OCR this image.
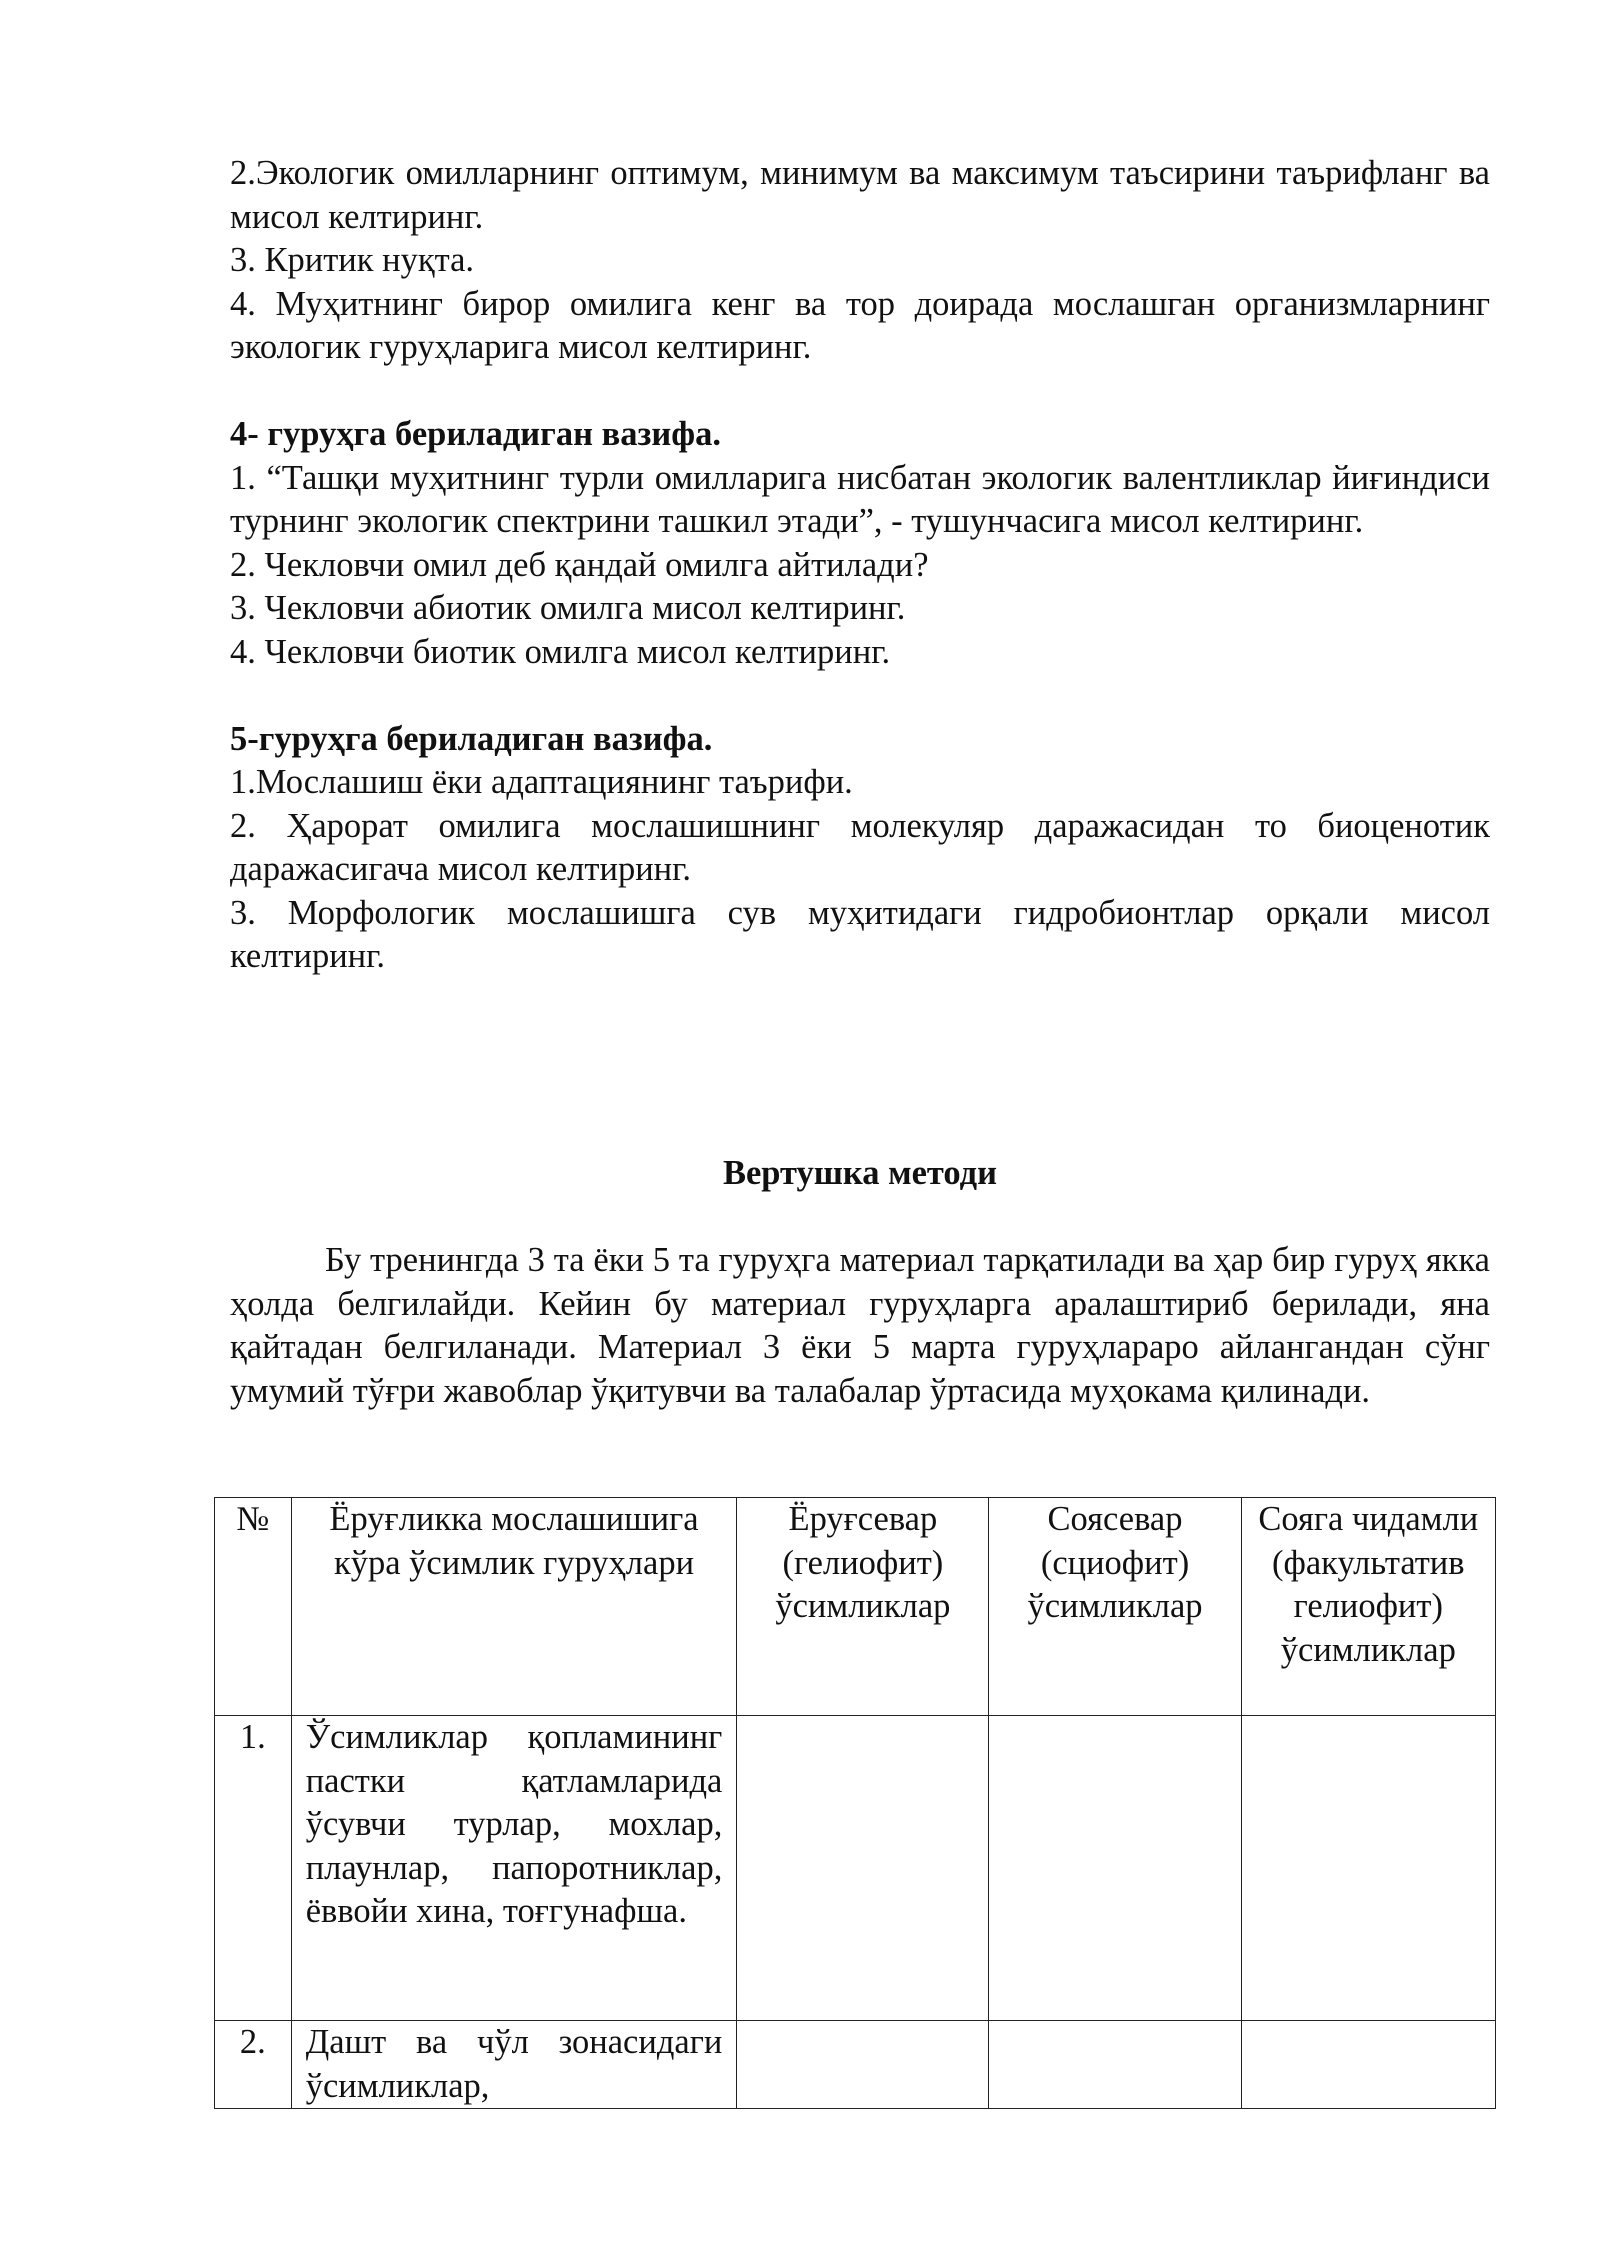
2.Экологик омилларнинг оптимум, минимум ва максимум таъсирини таърифланг ва мисол келтиринг.

3. Критик нуқта.

4. Муҳитнинг бирор омилига кенг ва тор доирада мослашган организмларнинг экологик гуруҳларига мисол келтиринг.

4- гуруҳга бериладиган вазифа.

1. “Ташқи муҳитнинг турли омилларига нисбатан экологик валентликлар йиғиндиси турнинг экологик спектрини ташкил этади”, - тушунчасига мисол келтиринг.

2. Чекловчи омил деб қандай омилга айтилади?

3. Чекловчи абиотик омилга мисол келтиринг.

4. Чекловчи биотик омилга мисол келтиринг.

5-гуруҳга бериладиган вазифа.

1.Мослашиш ёки адаптациянинг таърифи.

2. Ҳарорат омилига мослашишнинг молекуляр даражасидан то биоценотик даражасигача мисол келтиринг.

3. Морфологик мослашишга сув муҳитидаги гидробионтлар орқали мисол келтиринг.

Вертушка методи

Бу тренингда 3 та ёки 5 та гуруҳга материал тарқатилади ва ҳар бир гуруҳ якка ҳолда белгилайди. Кейин бу материал гуруҳларга аралаштириб берилади, яна қайтадан белгиланади. Материал 3 ёки 5 марта гуруҳлараро айлангандан сўнг умумий тўғри жавоблар ўқитувчи ва талабалар ўртасида муҳокама қилинади.

№	Ёруғликка мослашишига кўра ўсимлик гуруҳлари	Ёруғсевар (гелиофит) ўсимликлар	Соясевар (сциофит) ўсимликлар	Сояга чидамли (факультатив гелиофит) ўсимликлар
1.	Ўсимликлар қопламининг пастки қатламларида ўсувчи турлар, мохлар, плаунлар, папоротниклар, ёввойи хина, тоғгунафша.			
2.	Дашт ва чўл зонасидаги ўсимликлар,			
